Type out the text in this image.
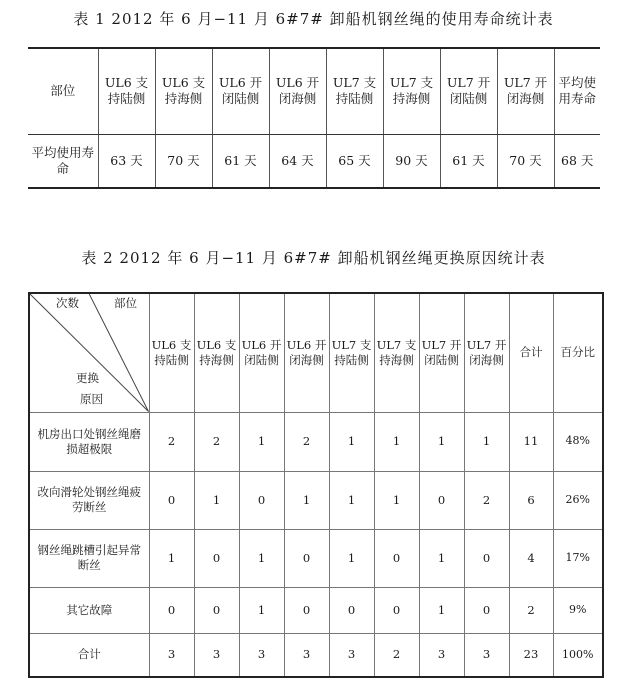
表 1 2012 年 6 月−11 月 6#7# 卸船机钢丝绳的使用寿命统计表
部位	UL6 支持陆侧	UL6 支持海侧	UL6 开闭陆侧	UL6 开闭海侧	UL7 支持陆侧	UL7 支持海侧	UL7 开闭陆侧	UL7 开闭海侧	平均使用寿命
平均使用寿命	63 天	70 天	61 天	64 天	65 天	90 天	61 天	70 天	68 天
表 2 2012 年 6 月−11 月 6#7# 卸船机钢丝绳更换原因统计表
次数 部位
更换
原因	UL6 支持陆侧	UL6 支持海侧	UL6 开闭陆侧	UL6 开闭海侧	UL7 支持陆侧	UL7 支持海侧	UL7 开闭陆侧	UL7 开闭海侧	合计	百分比
机房出口处钢丝绳磨损超极限	2	2	1	2	1	1	1	1	11	48%
改向滑轮处钢丝绳疲劳断丝	0	1	0	1	1	1	0	2	6	26%
钢丝绳跳槽引起异常断丝	1	0	1	0	1	0	1	0	4	17%
其它故障	0	0	1	0	0	0	1	0	2	9%
合计	3	3	3	3	3	2	3	3	23	100%
